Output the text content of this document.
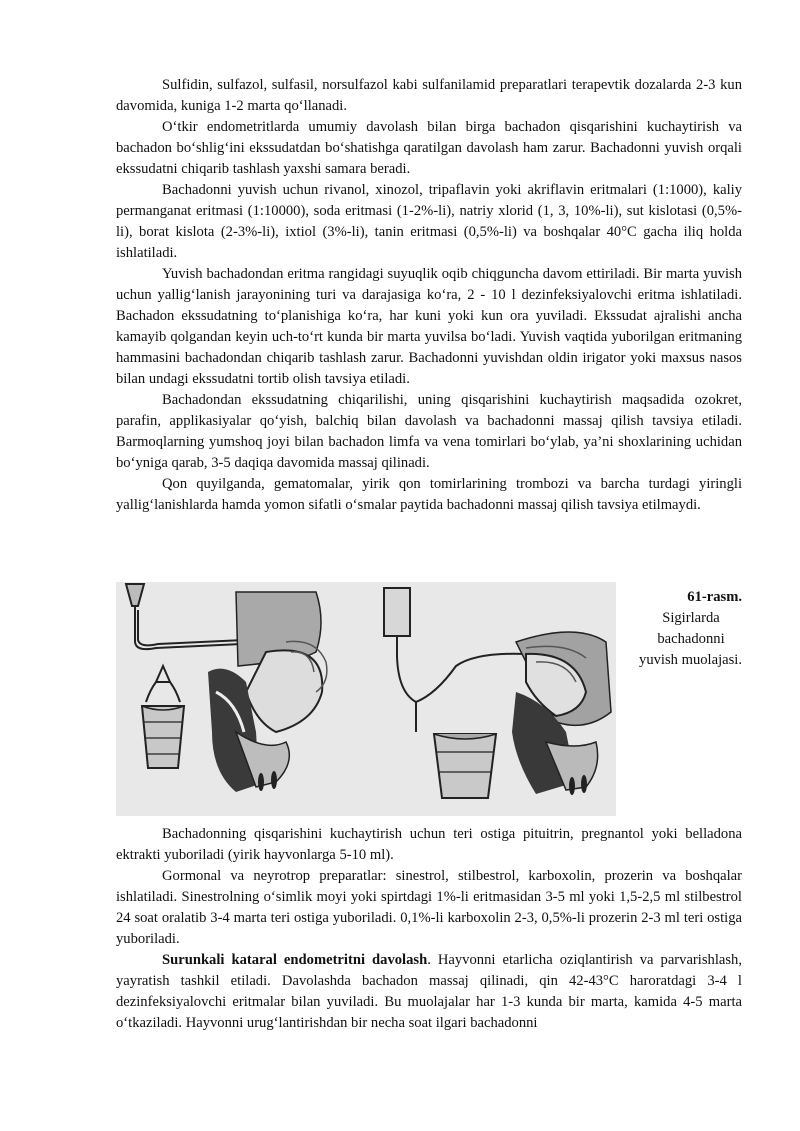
Sulfidin, sulfazol, sulfasil, norsulfazol kabi sulfanilamid preparatlari terapevtik dozalarda 2-3 kun davomida, kuniga 1-2 marta qo‘llanadi.

O‘tkir endometritlarda umumiy davolash bilan birga bachadon qisqarishini kuchaytirish va bachadon bo‘shlig‘ini ekssudatdan bo‘shatishga qaratilgan davolash ham zarur. Bachadonni yuvish orqali ekssudatni chiqarib tashlash yaxshi samara beradi.

Bachadonni yuvish uchun rivanol, xinozol, tripaflavin yoki akriflavin eritmalari (1:1000), kaliy permanganat eritmasi (1:10000), soda eritmasi (1-2%-li), natriy xlorid (1, 3, 10%-li), sut kislotasi (0,5%-li), borat kislota (2-3%-li), ixtiol (3%-li), tanin eritmasi (0,5%-li) va boshqalar 40°C gacha iliq holda ishlatiladi.

Yuvish bachadondan eritma rangidagi suyuqlik oqib chiqguncha davom ettiriladi. Bir marta yuvish uchun yallig‘lanish jarayonining turi va darajasiga ko‘ra, 2 - 10 l dezinfeksiyalovchi eritma ishlatiladi. Bachadon ekssudatning to‘planishiga ko‘ra, har kuni yoki kun ora yuviladi. Ekssudat ajralishi ancha kamayib qolgandan keyin uch-to‘rt kunda bir marta yuvilsa bo‘ladi. Yuvish vaqtida yuborilgan eritmaning hammasini bachadondan chiqarib tashlash zarur. Bachadonni yuvishdan oldin irigator yoki maxsus nasos bilan undagi ekssudatni tortib olish tavsiya etiladi.

Bachadondan ekssudatning chiqarilishi, uning qisqarishini kuchaytirish maqsadida ozokret, parafin, applikasiyalar qo‘yish, balchiq bilan davolash va bachadonni massaj qilish tavsiya etiladi. Barmoqlarning yumshoq joyi bilan bachadon limfa va vena tomirlari bo‘ylab, ya’ni shoxlarining uchidan bo‘yniga qarab, 3-5 daqiqa davomida massaj qilinadi.

Qon quyilganda, gematomalar, yirik qon tomirlarining trombozi va barcha turdagi yiringli yallig‘lanishlarda hamda yomon sifatli o‘smalar paytida bachadonni massaj qilish tavsiya etilmaydi.

61-rasm.
Sigirlarda
bachadonni
yuvish muolajasi.

Bachadonning qisqarishini kuchaytirish uchun teri ostiga pituitrin, pregnantol yoki belladona ektrakti yuboriladi (yirik hayvonlarga 5-10 ml).

Gormonal va neyrotrop preparatlar: sinestrol, stilbestrol, karboxolin, prozerin va boshqalar ishlatiladi. Sinestrolning o‘simlik moyi yoki spirtdagi 1%-li eritmasidan 3-5 ml yoki 1,5-2,5 ml stilbestrol 24 soat oralatib 3-4 marta teri ostiga yuboriladi. 0,1%-li karboxolin 2-3, 0,5%-li prozerin 2-3 ml teri ostiga yuboriladi.

Surunkali kataral endometritni davolash. Hayvonni etarlicha oziqlantirish va parvarishlash, yayratish tashkil etiladi. Davolashda bachadon massaj qilinadi, qin 42-43°C haroratdagi 3-4 l dezinfeksiyalovchi eritmalar bilan yuviladi. Bu muolajalar har 1-3 kunda bir marta, kamida 4-5 marta o‘tkaziladi. Hayvonni urug‘lantirishdan bir necha soat ilgari bachadonni
